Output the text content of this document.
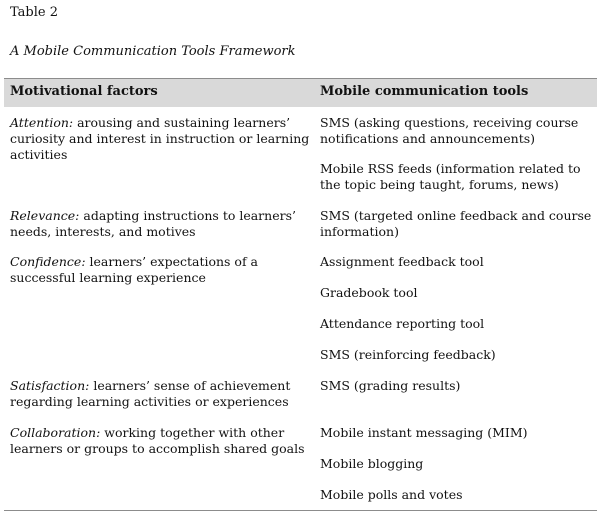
Table 2
A Mobile Communication Tools Framework
Motivational factors	Mobile communication tools
Attention: arousing and sustaining learners’ curiosity and interest in instruction or learning activities
Relevance: adapting instructions to learners’ needs, interests, and motives
Confidence: learners’ expectations of a successful learning experience
Satisfaction: learners’ sense of achievement regarding learning activities or experiences
Collaboration: working together with other learners or groups to accomplish shared goals
SMS (asking questions, receiving course notifications and announcements)
Mobile RSS feeds (information related to the topic being taught, forums, news)
SMS (targeted online feedback and course information)
Assignment feedback tool
Gradebook tool
Attendance reporting tool
SMS (reinforcing feedback)
SMS (grading results)
Mobile instant messaging (MIM)
Mobile blogging
Mobile polls and votes
